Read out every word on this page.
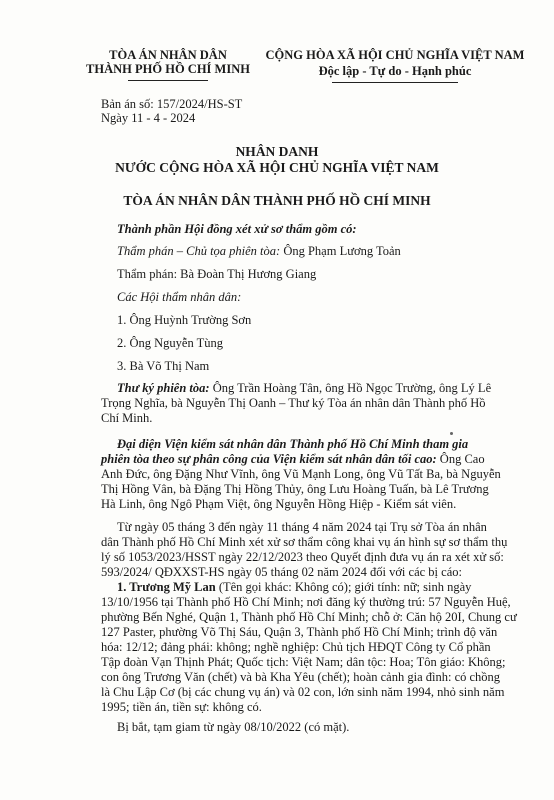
TÒA ÁN NHÂN DÂN
THÀNH PHỐ HỒ CHÍ MINH
CỘNG HÒA XÃ HỘI CHỦ NGHĨA VIỆT NAM
Độc lập - Tự do - Hạnh phúc
Bản án số: 157/2024/HS-ST
Ngày 11 - 4 - 2024
NHÂN DANH
NƯỚC CỘNG HÒA XÃ HỘI CHỦ NGHĨA VIỆT NAM
TÒA ÁN NHÂN DÂN THÀNH PHỐ HỒ CHÍ MINH
Thành phần Hội đồng xét xử sơ thẩm gồm có:
Thẩm phán – Chủ tọa phiên tòa: Ông Phạm Lương Toản
Thẩm phán: Bà Đoàn Thị Hương Giang
Các Hội thẩm nhân dân:
1. Ông Huỳnh Trường Sơn
2. Ông Nguyễn Tùng
3. Bà Võ Thị Nam
Thư ký phiên tòa: Ông Trần Hoàng Tân, ông Hồ Ngọc Trường, ông Lý Lê
Trọng Nghĩa, bà Nguyễn Thị Oanh – Thư ký Tòa án nhân dân Thành phố Hồ
Chí Minh.
Đại diện Viện kiểm sát nhân dân Thành phố Hồ Chí Minh tham gia
phiên tòa theo sự phân công của Viện kiểm sát nhân dân tối cao: Ông Cao
Anh Đức, ông Đặng Như Vĩnh, ông Vũ Mạnh Long, ông Vũ Tất Ba, bà Nguyễn
Thị Hồng Vân, bà Đặng Thị Hồng Thủy, ông Lưu Hoàng Tuấn, bà Lê Trương
Hà Linh, ông Ngô Phạm Việt, ông Nguyễn Hồng Hiệp - Kiểm sát viên.
Từ ngày 05 tháng 3 đến ngày 11 tháng 4 năm 2024 tại Trụ sở Tòa án nhân
dân Thành phố Hồ Chí Minh xét xử sơ thẩm công khai vụ án hình sự sơ thẩm thụ
lý số 1053/2023/HSST ngày 22/12/2023 theo Quyết định đưa vụ án ra xét xử số:
593/2024/ QĐXXST-HS ngày 05 tháng 02 năm 2024 đối với các bị cáo:
1. Trương Mỹ Lan (Tên gọi khác: Không có); giới tính: nữ; sinh ngày
13/10/1956 tại Thành phố Hồ Chí Minh; nơi đăng ký thường trú: 57 Nguyễn Huệ,
phường Bến Nghé, Quận 1, Thành phố Hồ Chí Minh; chỗ ở: Căn hộ 20I, Chung cư
127 Paster, phường Võ Thị Sáu, Quận 3, Thành phố Hồ Chí Minh; trình độ văn
hóa: 12/12; đảng phái: không; nghề nghiệp: Chủ tịch HĐQT Công ty Cổ phần
Tập đoàn Vạn Thịnh Phát; Quốc tịch: Việt Nam; dân tộc: Hoa; Tôn giáo: Không;
con ông Trương Văn (chết) và bà Kha Yêu (chết); hoàn cảnh gia đình: có chồng
là Chu Lập Cơ (bị các chung vụ án) và 02 con, lớn sinh năm 1994, nhỏ sinh năm
1995; tiền án, tiền sự: không có.
Bị bắt, tạm giam từ ngày 08/10/2022 (có mặt).
